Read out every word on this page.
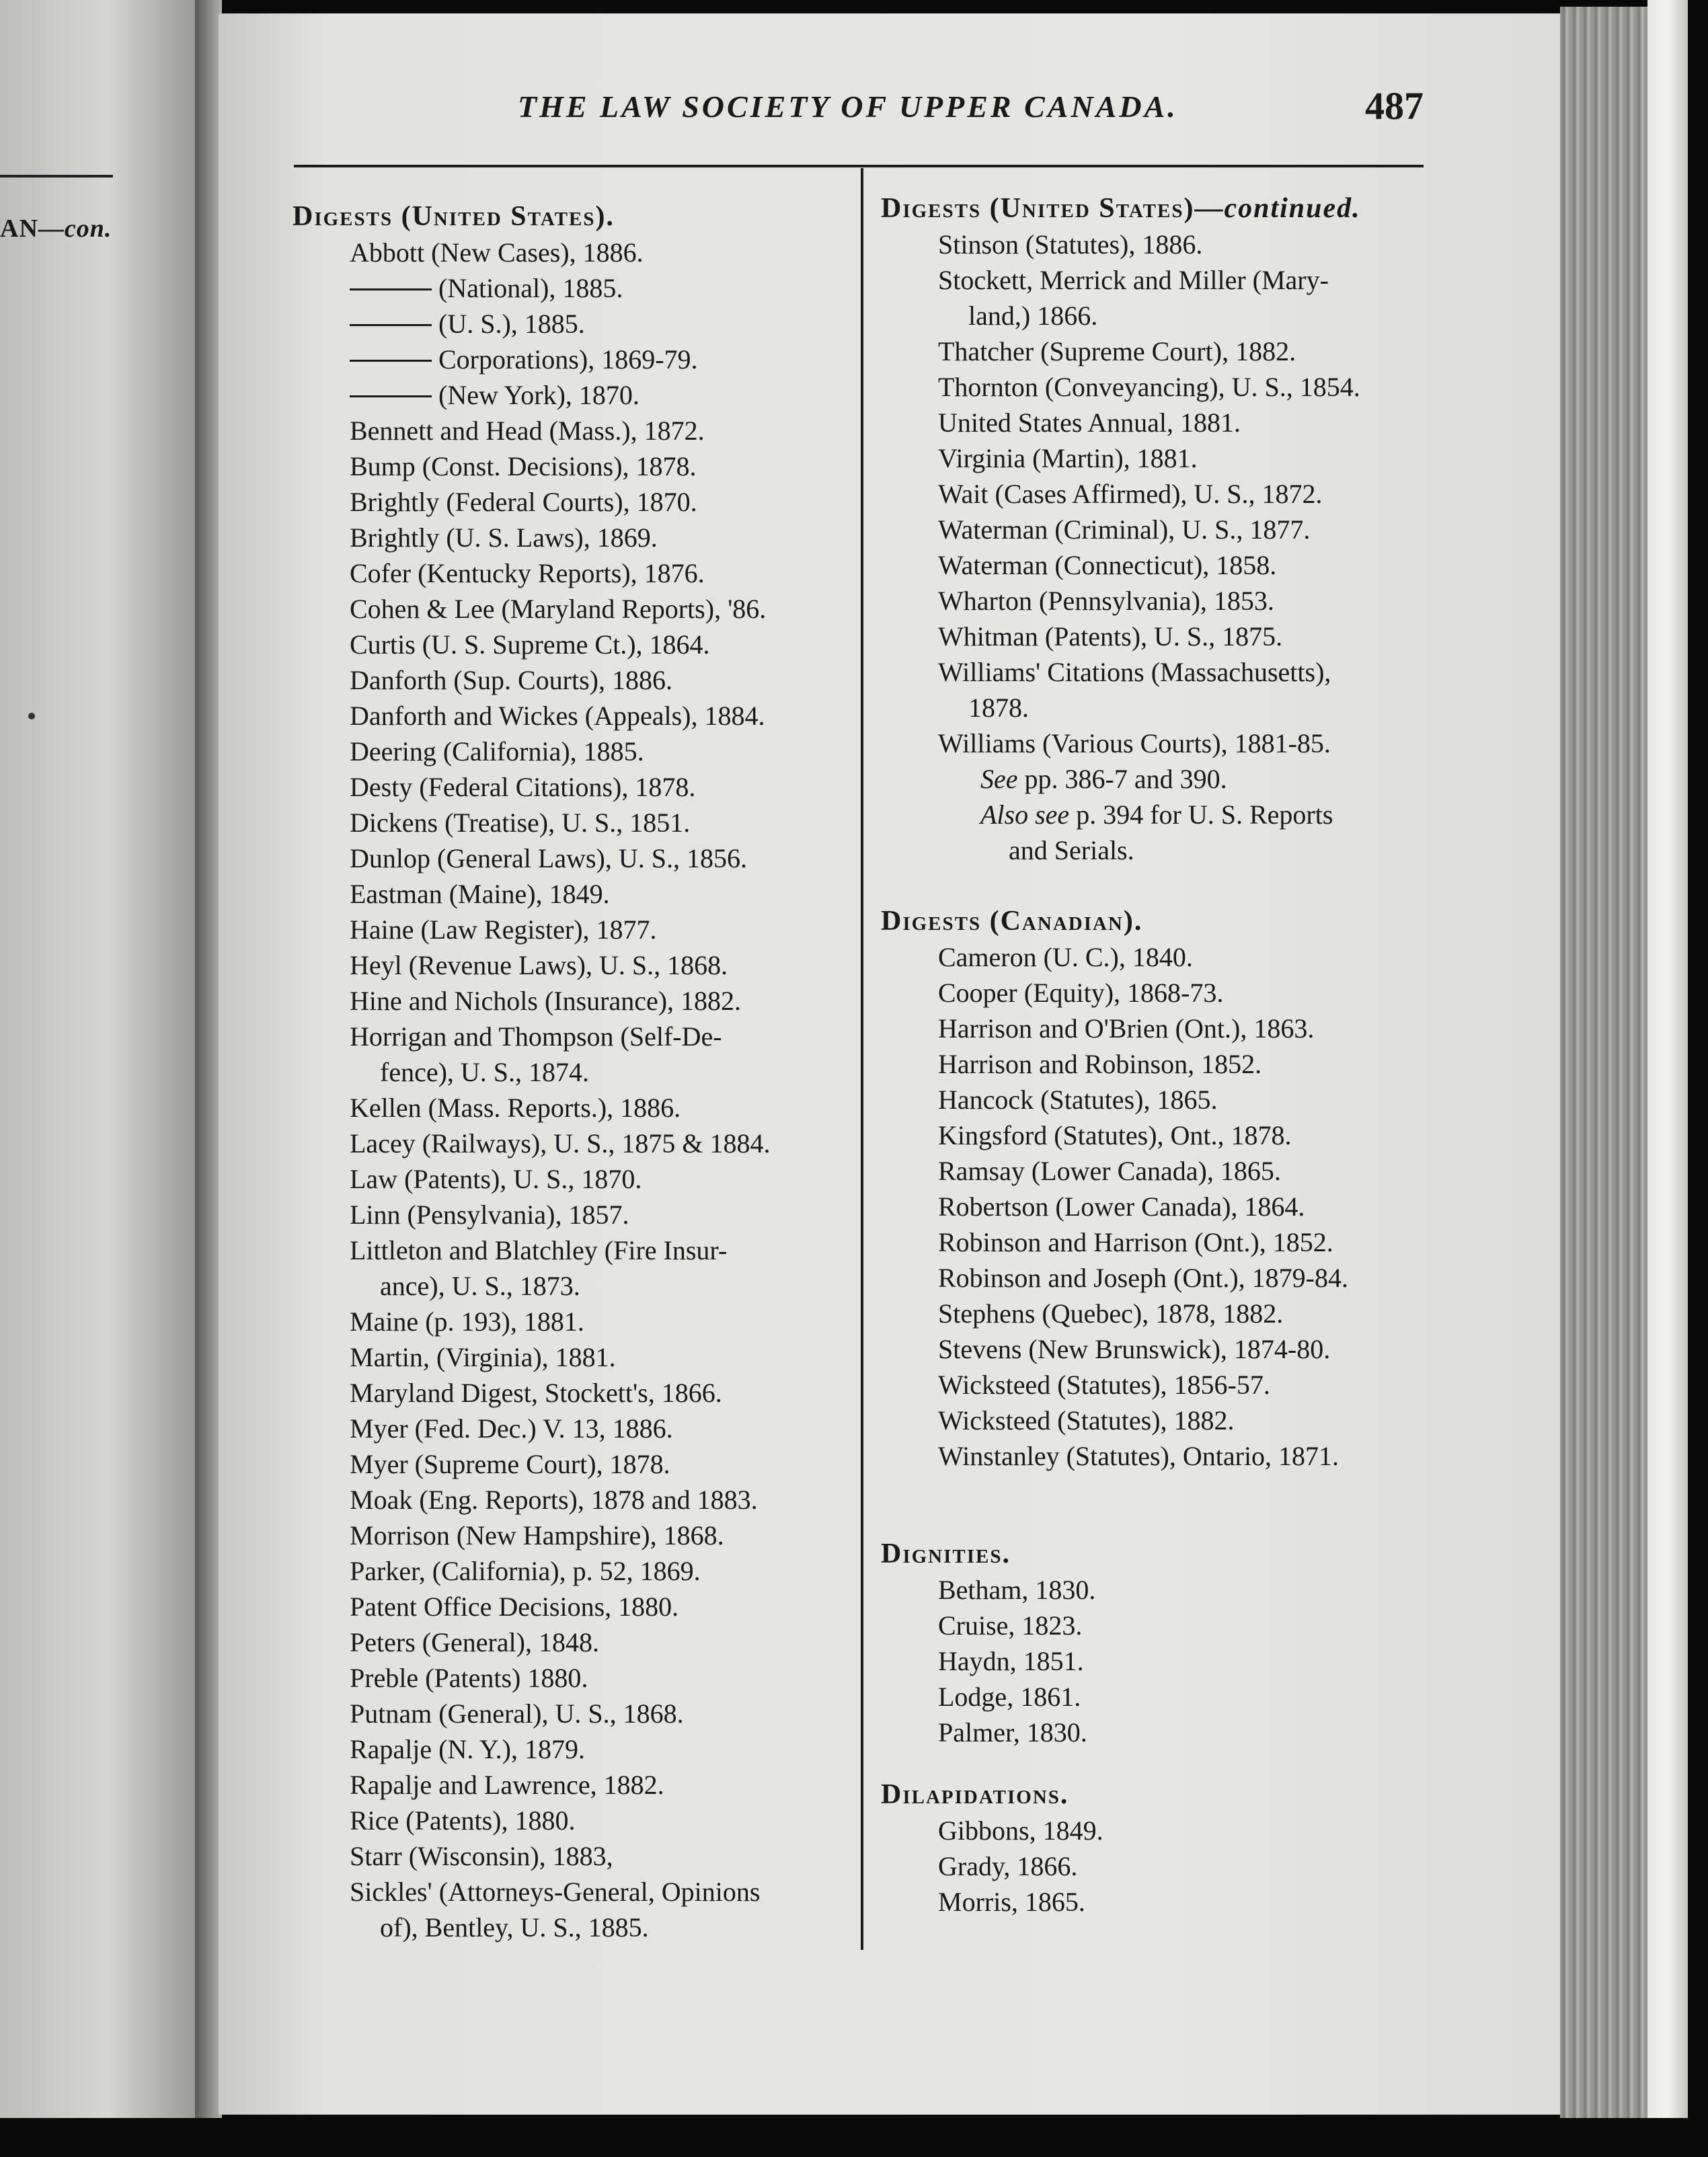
AN—con.
THE LAW SOCIETY OF UPPER CANADA.	487
Digests (United States).
Abbott (New Cases), 1886.
(National), 1885.
(U. S.), 1885.
Corporations), 1869-79.
(New York), 1870.
Bennett and Head (Mass.), 1872.
Bump (Const. Decisions), 1878.
Brightly (Federal Courts), 1870.
Brightly (U. S. Laws), 1869.
Cofer (Kentucky Reports), 1876.
Cohen & Lee (Maryland Reports), '86.
Curtis (U. S. Supreme Ct.), 1864.
Danforth (Sup. Courts), 1886.
Danforth and Wickes (Appeals), 1884.
Deering (California), 1885.
Desty (Federal Citations), 1878.
Dickens (Treatise), U. S., 1851.
Dunlop (General Laws), U. S., 1856.
Eastman (Maine), 1849.
Haine (Law Register), 1877.
Heyl (Revenue Laws), U. S., 1868.
Hine and Nichols (Insurance), 1882.
Horrigan and Thompson (Self-De-
fence), U. S., 1874.
Kellen (Mass. Reports.), 1886.
Lacey (Railways), U. S., 1875 & 1884.
Law (Patents), U. S., 1870.
Linn (Pensylvania), 1857.
Littleton and Blatchley (Fire Insur-
ance), U. S., 1873.
Maine (p. 193), 1881.
Martin, (Virginia), 1881.
Maryland Digest, Stockett's, 1866.
Myer (Fed. Dec.) V. 13, 1886.
Myer (Supreme Court), 1878.
Moak (Eng. Reports), 1878 and 1883.
Morrison (New Hampshire), 1868.
Parker, (California), p. 52, 1869.
Patent Office Decisions, 1880.
Peters (General), 1848.
Preble (Patents) 1880.
Putnam (General), U. S., 1868.
Rapalje (N. Y.), 1879.
Rapalje and Lawrence, 1882.
Rice (Patents), 1880.
Starr (Wisconsin), 1883,
Sickles' (Attorneys-General, Opinions
of), Bentley, U. S., 1885.
Digests (United States)—continued.
Stinson (Statutes), 1886.
Stockett, Merrick and Miller (Mary-
land,) 1866.
Thatcher (Supreme Court), 1882.
Thornton (Conveyancing), U. S., 1854.
United States Annual, 1881.
Virginia (Martin), 1881.
Wait (Cases Affirmed), U. S., 1872.
Waterman (Criminal), U. S., 1877.
Waterman (Connecticut), 1858.
Wharton (Pennsylvania), 1853.
Whitman (Patents), U. S., 1875.
Williams' Citations (Massachusetts),
1878.
Williams (Various Courts), 1881-85.
See pp. 386-7 and 390.
Also see p. 394 for U. S. Reports
and Serials.
Digests (Canadian).
Cameron (U. C.), 1840.
Cooper (Equity), 1868-73.
Harrison and O'Brien (Ont.), 1863.
Harrison and Robinson, 1852.
Hancock (Statutes), 1865.
Kingsford (Statutes), Ont., 1878.
Ramsay (Lower Canada), 1865.
Robertson (Lower Canada), 1864.
Robinson and Harrison (Ont.), 1852.
Robinson and Joseph (Ont.), 1879-84.
Stephens (Quebec), 1878, 1882.
Stevens (New Brunswick), 1874-80.
Wicksteed (Statutes), 1856-57.
Wicksteed (Statutes), 1882.
Winstanley (Statutes), Ontario, 1871.
Dignities.
Betham, 1830.
Cruise, 1823.
Haydn, 1851.
Lodge, 1861.
Palmer, 1830.
Dilapidations.
Gibbons, 1849.
Grady, 1866.
Morris, 1865.
